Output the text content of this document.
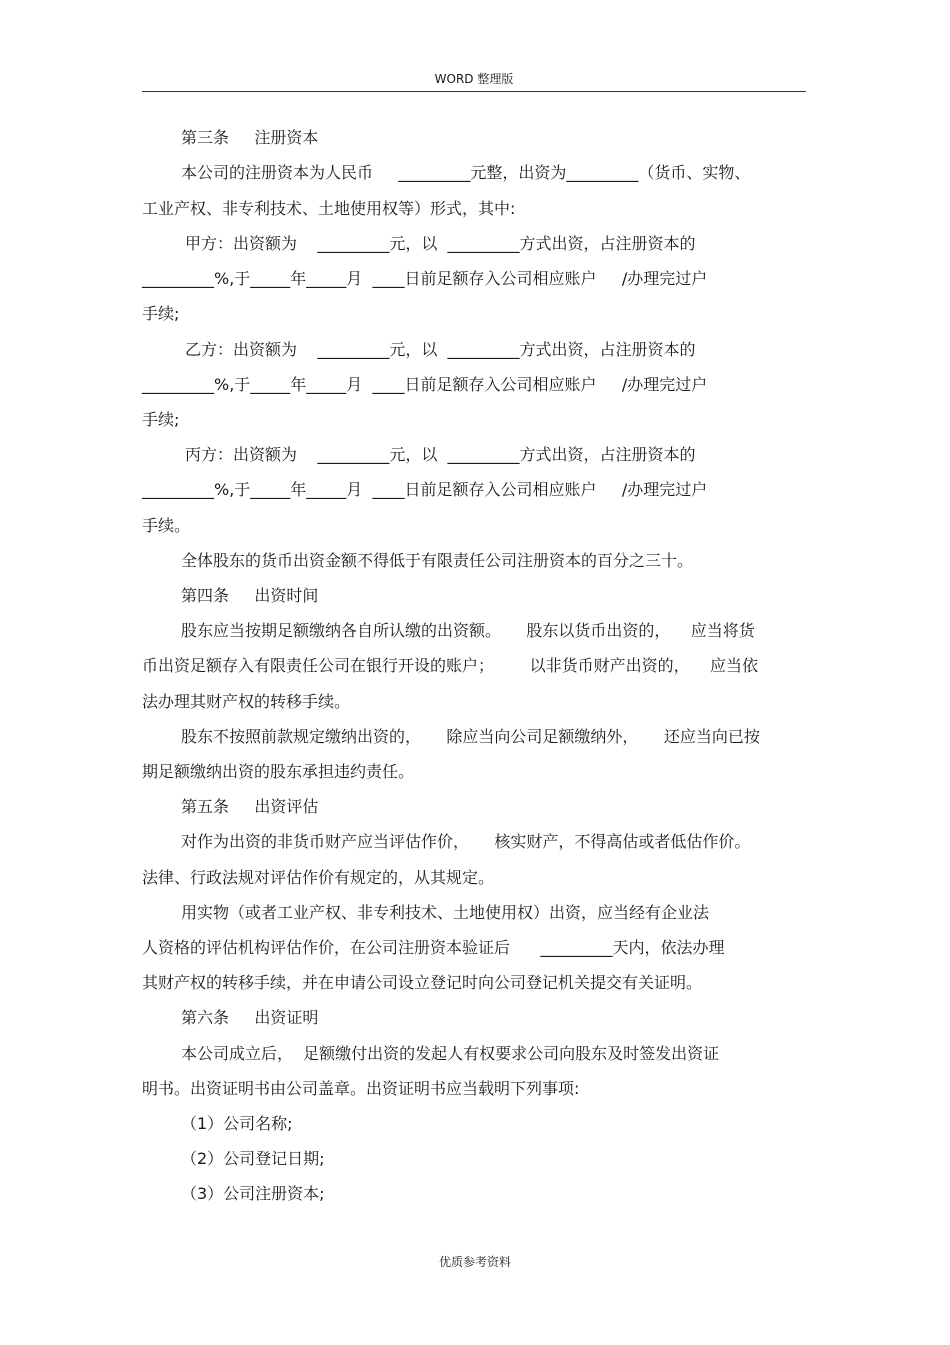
WORD 整理版
第三条     注册资本
本公司的注册资本为人民币     _________元整，出资为_________（货币、实物、
工业产权、非专利技术、土地使用权等）形式，其中:
甲方：出资额为    _________元，以  _________方式出资，占注册资本的
_________%,于_____年_____月  ____日前足额存入公司相应账户     /办理完过户
手续;
乙方：出资额为    _________元，以  _________方式出资，占注册资本的
_________%,于_____年_____月  ____日前足额存入公司相应账户     /办理完过户
手续;
丙方：出资额为    _________元，以  _________方式出资，占注册资本的
_________%,于_____年_____月  ____日前足额存入公司相应账户     /办理完过户
手续。
全体股东的货币出资金额不得低于有限责任公司注册资本的百分之三十。
第四条     出资时间
股东应当按期足额缴纳各自所认缴的出资额。     股东以货币出资的，    应当将货
币出资足额存入有限责任公司在银行开设的账户；       以非货币财产出资的，    应当依
法办理其财产权的转移手续。
股东不按照前款规定缴纳出资的，     除应当向公司足额缴纳外，     还应当向已按
期足额缴纳出资的股东承担违约责任。
第五条     出资评估
对作为出资的非货币财产应当评估作价，     核实财产，不得高估或者低估作价。
法律、行政法规对评估作价有规定的，从其规定。
用实物（或者工业产权、非专利技术、土地使用权）出资，应当经有企业法
人资格的评估机构评估作价，在公司注册资本验证后      _________天内，依法办理
其财产权的转移手续，并在申请公司设立登记时向公司登记机关提交有关证明。
第六条     出资证明
本公司成立后，  足额缴付出资的发起人有权要求公司向股东及时签发出资证
明书。出资证明书由公司盖章。出资证明书应当载明下列事项:
（1）公司名称;
（2）公司登记日期;
（3）公司注册资本;
优质参考资料
